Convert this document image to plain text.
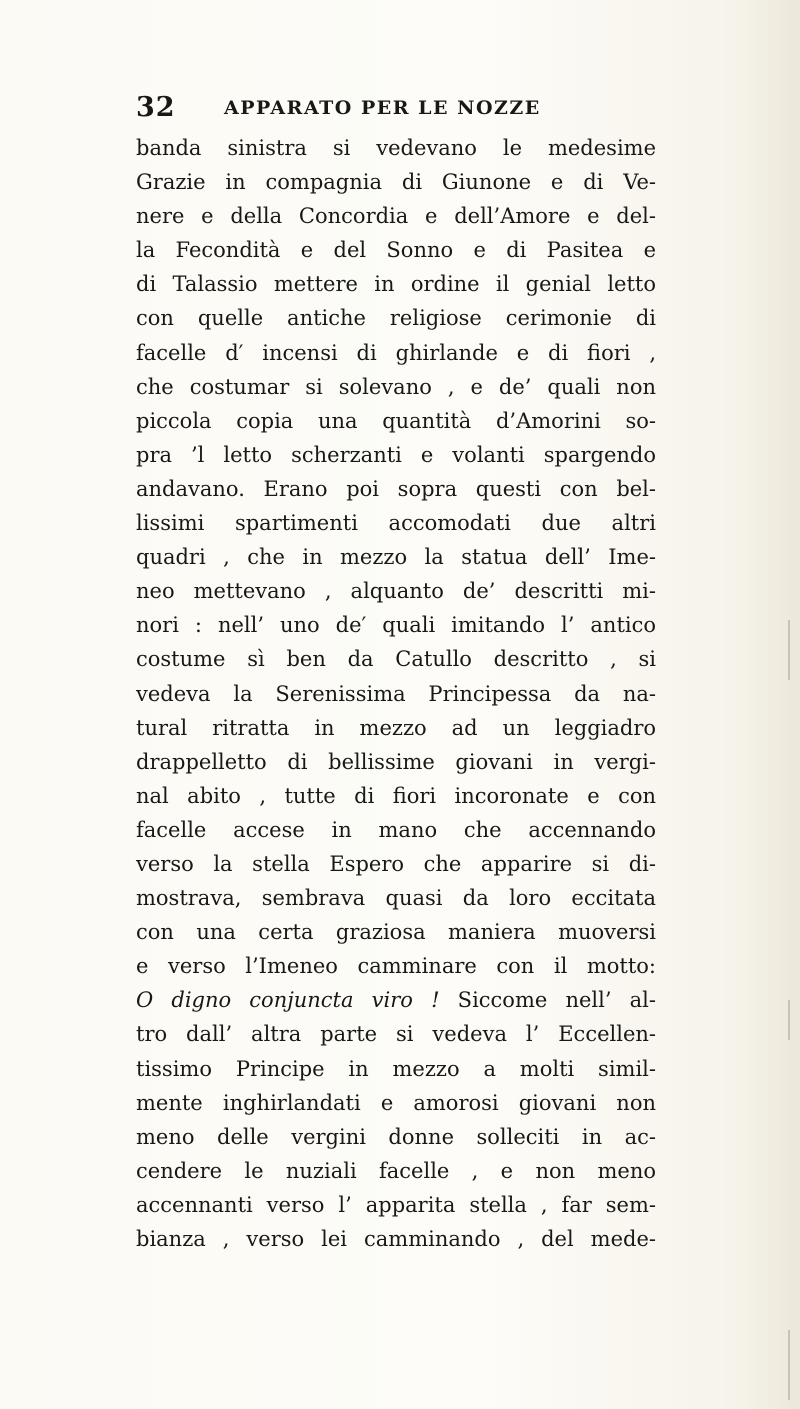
32	APPARATO PER LE NOZZE
banda sinistra si vedevano le medesime
Grazie in compagnia di Giunone e di Ve-
nere e della Concordia e dell’Amore e del-
la Fecondità e del Sonno e di Pasitea e
di Talassio mettere in ordine il genial letto
con quelle antiche religiose cerimonie di
facelle d′ incensi di ghirlande e di fiori ,
che costumar si solevano , e de’ quali non
piccola copia una quantità d’Amorini so-
pra ’l letto scherzanti e volanti spargendo
andavano. Erano poi sopra questi con bel-
lissimi spartimenti accomodati due altri
quadri , che in mezzo la statua dell’ Ime-
neo mettevano , alquanto de’ descritti mi-
nori : nell’ uno de′ quali imitando l’ antico
costume sì ben da Catullo descritto , si
vedeva la Serenissima Principessa da na-
tural ritratta in mezzo ad un leggiadro
drappelletto di bellissime giovani in vergi-
nal abito , tutte di fiori incoronate e con
facelle accese in mano che accennando
verso la stella Espero che apparire si di-
mostrava, sembrava quasi da loro eccitata
con una certa graziosa maniera muoversi
e verso l’Imeneo camminare con il motto:
O digno conjuncta viro ! Siccome nell’ al-
tro dall’ altra parte si vedeva l’ Eccellen-
tissimo Principe in mezzo a molti simil-
mente inghirlandati e amorosi giovani non
meno delle vergini donne solleciti in ac-
cendere le nuziali facelle , e non meno
accennanti verso l’ apparita stella , far sem-
bianza , verso lei camminando , del mede-
